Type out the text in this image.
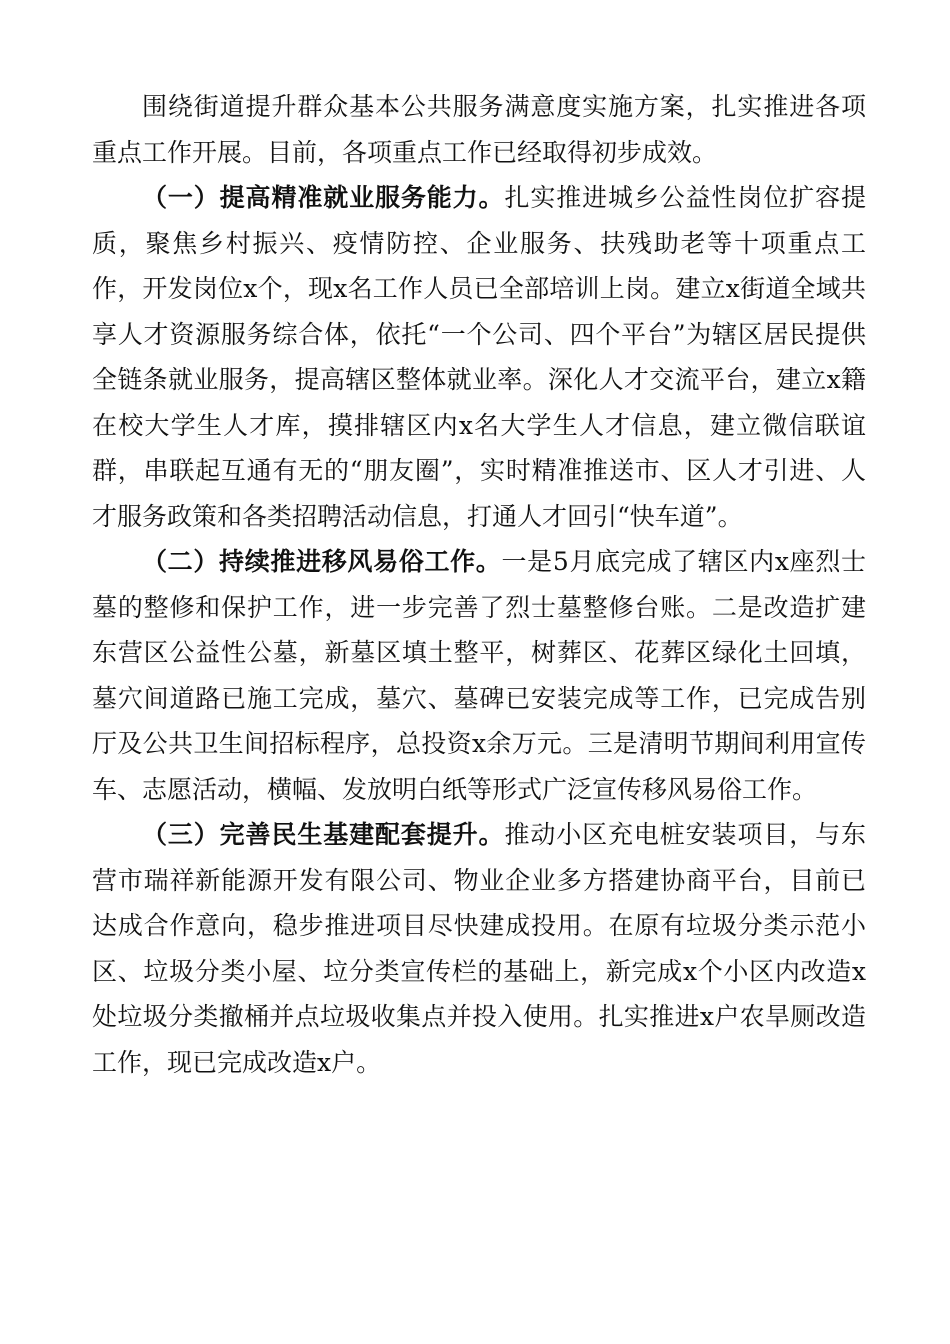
围绕街道提升群众基本公共服务满意度实施方案，扎实推进各项重点工作开展。目前，各项重点工作已经取得初步成效。

（一）提高精准就业服务能力。扎实推进城乡公益性岗位扩容提质，聚焦乡村振兴、疫情防控、企业服务、扶残助老等十项重点工作，开发岗位x个，现x名工作人员已全部培训上岗。建立x街道全域共享人才资源服务综合体，依托“一个公司、四个平台”为辖区居民提供全链条就业服务，提高辖区整体就业率。深化人才交流平台，建立x籍在校大学生人才库，摸排辖区内x名大学生人才信息，建立微信联谊群，串联起互通有无的“朋友圈”，实时精准推送市、区人才引进、人才服务政策和各类招聘活动信息，打通人才回引“快车道”。

（二）持续推进移风易俗工作。一是5月底完成了辖区内x座烈士墓的整修和保护工作，进一步完善了烈士墓整修台账。二是改造扩建东营区公益性公墓，新墓区填土整平，树葬区、花葬区绿化土回填，墓穴间道路已施工完成，墓穴、墓碑已安装完成等工作，已完成告别厅及公共卫生间招标程序，总投资x余万元。三是清明节期间利用宣传车、志愿活动，横幅、发放明白纸等形式广泛宣传移风易俗工作。

（三）完善民生基建配套提升。推动小区充电桩安装项目，与东营市瑞祥新能源开发有限公司、物业企业多方搭建协商平台，目前已达成合作意向，稳步推进项目尽快建成投用。在原有垃圾分类示范小区、垃圾分类小屋、垃分类宣传栏的基础上，新完成x个小区内改造x处垃圾分类撤桶并点垃圾收集点并投入使用。扎实推进x户农旱厕改造工作，现已完成改造x户。
